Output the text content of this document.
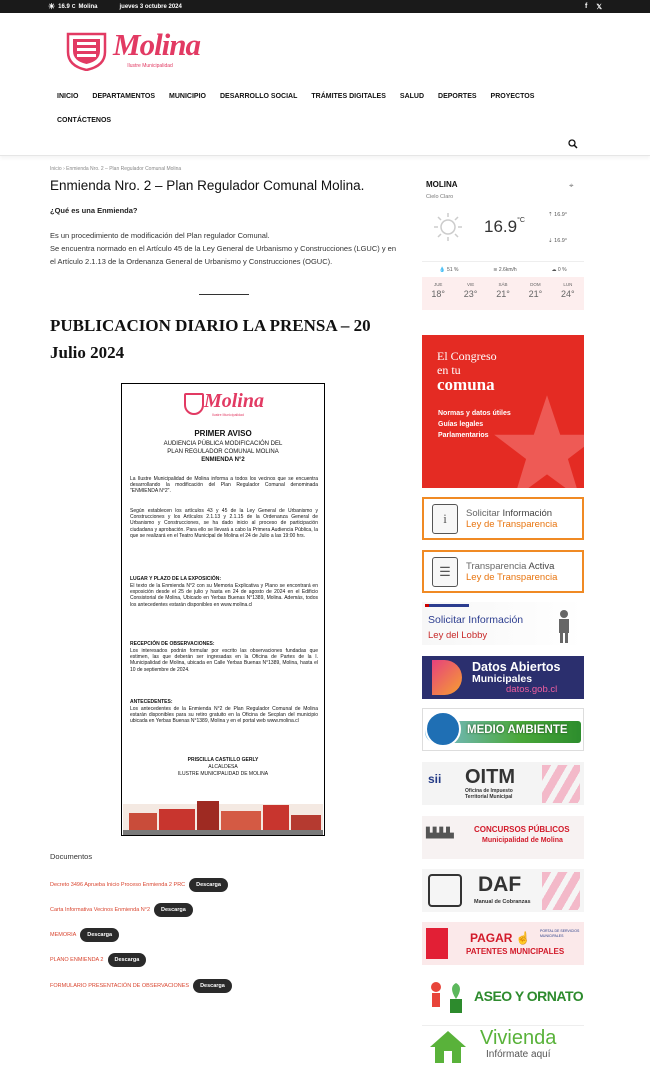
☀ 16.9 C Molina	jueves 3 octubre 2024	f 𝕏
Molina
Ilustre Municipalidad
INICIO	DEPARTAMENTOS	MUNICIPIO	DESARROLLO SOCIAL	TRÁMITES DIGITALES	SALUD	DEPORTES	PROYECTOS
CONTÁCTENOS
Inicio › Enmienda Nro. 2 – Plan Regulador Comunal Molina
Enmienda Nro. 2 – Plan Regulador Comunal Molina.
¿Qué es una Enmienda?
Es un procedimiento de modificación del Plan regulador Comunal.
Se encuentra normado en el Artículo 45 de la Ley General de Urbanismo y Construcciones (LGUC) y en el Artículo 2.1.13 de la Ordenanza General de Urbanismo y Construcciones (OGUC).
PUBLICACION DIARIO LA PRENSA – 20 Julio 2024
Molina
Ilustre Municipalidad
PRIMER AVISO
AUDIENCIA PÚBLICA MODIFICACIÓN DEL
PLAN REGULADOR COMUNAL MOLINA
ENMIENDA N°2
La Ilustre Municipalidad de Molina informa a todos los vecinos que se encuentra desarrollando la modificación del Plan Regulador Comunal denominada "ENMIENDA N°2".
Según establecen los artículos 43 y 45 de la Ley General de Urbanismo y Construcciones y los Artículos 2.1.13 y 2.1.15 de la Ordenanza General de Urbanismo y Construcciones, se ha dado inicio al proceso de participación ciudadana y aprobación. Para ello se llevará a cabo la Primera Audiencia Pública, la que se realizará en el Teatro Municipal de Molina el 24 de Julio a las 19:00 hrs.
LUGAR Y PLAZO DE LA EXPOSICIÓN:
El texto de la Enmienda N°2 con su Memoria Explicativa y Plano se encontrará en exposición desde el 25 de julio y hasta en 24 de agosto de 2024 en el Edificio Consistorial de Molina, Ubicado en Yerbas Buenas N°1389, Molina. Además, todos los antecedentes estarán disponibles en www.molina.cl
RECEPCIÓN DE OBSERVACIONES:
Los interesados podrán formular por escrito las observaciones fundadas que estimen, las que deberán ser ingresadas en la Oficina de Partes de la I. Municipalidad de Molina, ubicada en Calle Yerbas Buenas N°1389, Molina, hasta el 10 de septiembre de 2024.
ANTECEDENTES:
Los antecedentes de la Enmienda N°2 de Plan Regulador Comunal de Molina estarán disponibles para su retiro gratuito en la Oficina de Secplan del municipio ubicada en Yerbas Buenas N°1389, Molina y en el portal web www.molina.cl
PRISCILLA CASTILLO GERLY
ALCALDESA
ILUSTRE MUNICIPALIDAD DE MOLINA
Documentos
Decreto 3496 Aprueba Inicio Proceso Enmienda 2 PRC	Descarga
Carta Informativa Vecinos Enmienda N°2	Descarga
MEMORIA	Descarga
PLANO ENMIENDA 2	Descarga
FORMULARIO PRESENTACIÓN DE OBSERVACIONES	Descarga
MOLINA
Cielo Claro
⌖
$16.9^{^\circ C}$
⇡ 16.9°
⇣ 16.9°
💧 51 %	≋ 2.6km/h	☁ 0 %
JUE
18°
VIE
23°
SÁB
21°
DOM
21°
LUN
24°
El Congreso
en tu
comuna
Normas y datos útiles
Guías legales
Parlamentarios
i	Solicitar Información
Ley de Transparencia
☰	Transparencia Activa
Ley de Transparencia
Solicitar Información
Ley del Lobby
Datos Abiertos
Municipales
datos.gob.cl
MEDIO AMBIENTE
sii OITM
Oficina de Impuesto
Territorial Municipal
▙▙▙▙	CONCURSOS PÚBLICOS
Municipalidad de Molina
DAF
Manual de Cobranzas
PAGAR ☝
PATENTES MUNICIPALES
PORTAL DE SERVICIOS MUNICIPALES
ASEO Y ORNATO
Vivienda
Infórmate aquí
